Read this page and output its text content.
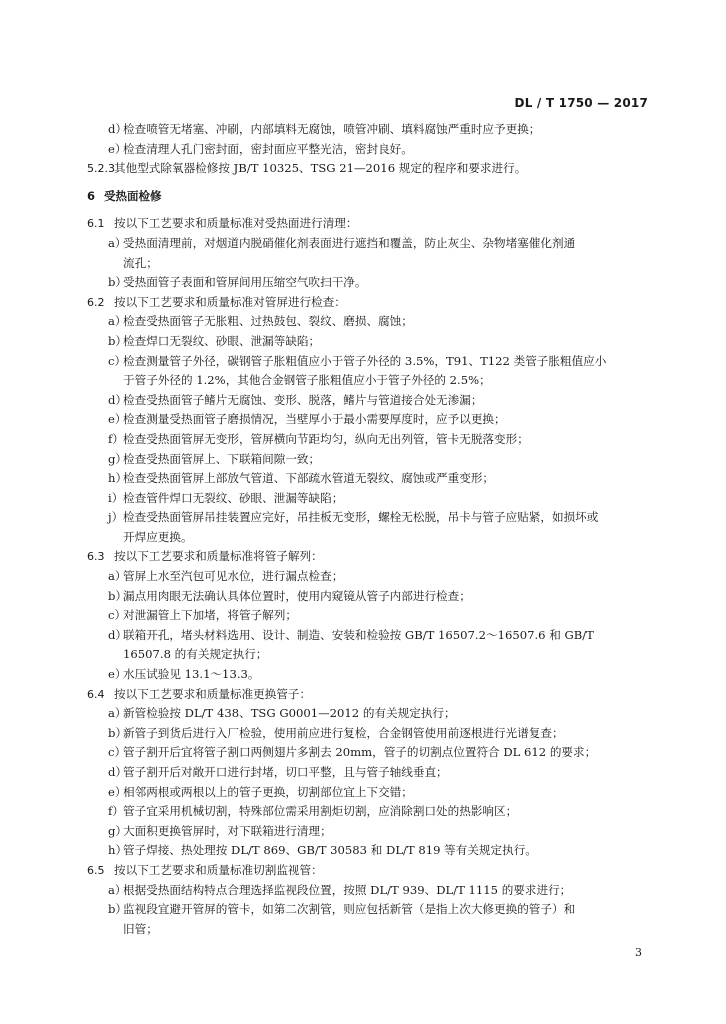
DL / T 1750 — 2017
d）
检查喷管无堵塞、冲刷，内部填料无腐蚀，喷管冲刷、填料腐蚀严重时应予更换；
e）
检查清理人孔门密封面，密封面应平整光洁，密封良好。
5.2.3 其他型式除氧器检修按 JB/T 10325、TSG 21—2016 规定的程序和要求进行。
6 受热面检修
6.1 按以下工艺要求和质量标准对受热面进行清理：
a）
受热面清理前，对烟道内脱硝催化剂表面进行遮挡和覆盖，防止灰尘、杂物堵塞催化剂通
流孔；
b）
受热面管子表面和管屏间用压缩空气吹扫干净。
6.2 按以下工艺要求和质量标准对管屏进行检查：
a）
检查受热面管子无胀粗、过热鼓包、裂纹、磨损、腐蚀；
b）
检查焊口无裂纹、砂眼、泄漏等缺陷；
c）
检查测量管子外径，碳钢管子胀粗值应小于管子外径的 3.5%，T91、T122 类管子胀粗值应小
于管子外径的 1.2%，其他合金钢管子胀粗值应小于管子外径的 2.5%；
d）
检查受热面管子鳍片无腐蚀、变形、脱落，鳍片与管道接合处无渗漏；
e）
检查测量受热面管子磨损情况，当壁厚小于最小需要厚度时，应予以更换；
f） 检查受热面管屏无变形，管屏横向节距均匀，纵向无出列管，管卡无脱落变形；
g）
检查受热面管屏上、下联箱间隙一致；
h）
检查受热面管屏上部放气管道、下部疏水管道无裂纹、腐蚀或严重变形；
i） 检查管件焊口无裂纹、砂眼、泄漏等缺陷；
j） 检查受热面管屏吊挂装置应完好，吊挂板无变形，螺栓无松脱，吊卡与管子应贴紧，如损坏或
开焊应更换。
6.3 按以下工艺要求和质量标准将管子解列：
a）
管屏上水至汽包可见水位，进行漏点检查；
b）
漏点用肉眼无法确认具体位置时，使用内窥镜从管子内部进行检查；
c）
对泄漏管上下加堵，将管子解列；
d）
联箱开孔，堵头材料选用、设计、制造、安装和检验按 GB/T 16507.2～16507.6 和 GB/T
16507.8 的有关规定执行；
e）
水压试验见 13.1～13.3。
6.4 按以下工艺要求和质量标准更换管子：
a）
新管检验按 DL/T 438、TSG G0001—2012 的有关规定执行；
b）
新管子到货后进行入厂检验，使用前应进行复检，合金钢管使用前逐根进行光谱复查；
c）
管子割开后宜将管子割口两侧翅片多割去 20mm，管子的切割点位置符合 DL 612 的要求；
d）
管子割开后对敞开口进行封堵，切口平整，且与管子轴线垂直；
e）
相邻两根或两根以上的管子更换，切割部位宜上下交错；
f） 管子宜采用机械切割，特殊部位需采用割炬切割，应消除割口处的热影响区；
g）
大面积更换管屏时，对下联箱进行清理；
h）
管子焊接、热处理按 DL/T 869、GB/T 30583 和 DL/T 819 等有关规定执行。
6.5 按以下工艺要求和质量标准切割监视管：
a）
根据受热面结构特点合理选择监视段位置，按照 DL/T 939、DL/T 1115 的要求进行；
b）
监视段宜避开管屏的管卡，如第二次割管，则应包括新管（是指上次大修更换的管子）和
旧管；
3
